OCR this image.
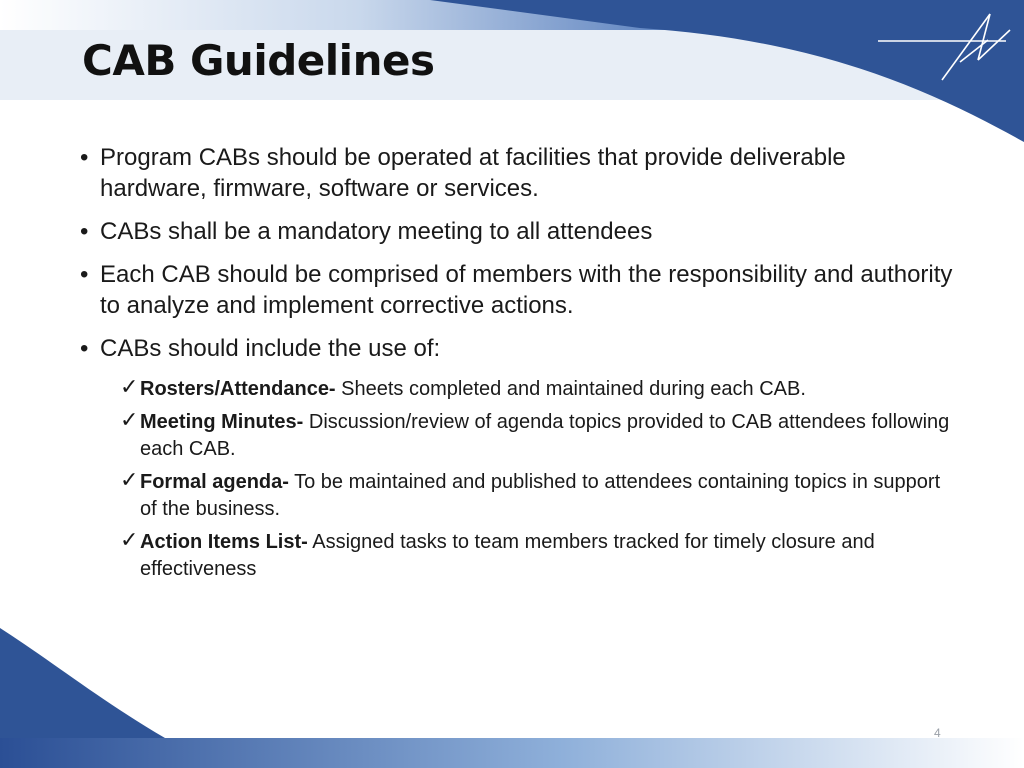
CAB Guidelines
• Program CABs should be operated at facilities that provide deliverable hardware, firmware, software or services.
• CABs shall be a mandatory meeting to all attendees
• Each CAB should be comprised of members with the responsibility and authority to analyze and implement corrective actions.
• CABs should include the use of:
✓ Rosters/Attendance- Sheets completed and maintained during each CAB.
✓ Meeting Minutes- Discussion/review of agenda topics provided to CAB attendees following each CAB.
✓ Formal agenda- To be maintained and published to attendees containing topics in support of the business.
✓ Action Items List- Assigned tasks to team members tracked for timely closure and effectiveness
4
